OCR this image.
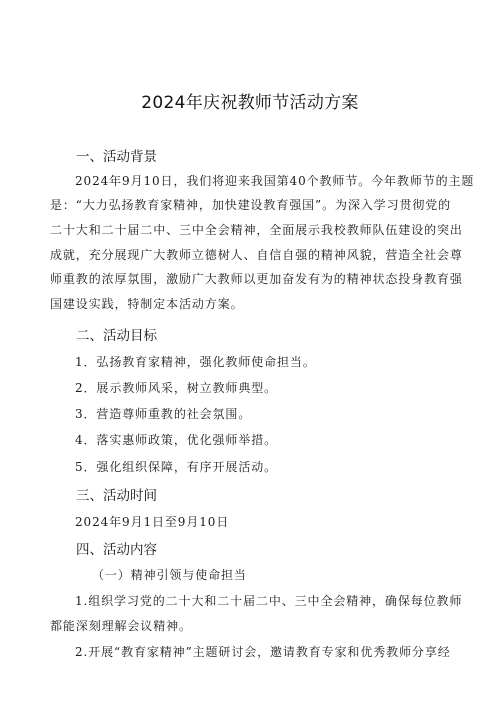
2024年庆祝教师节活动方案
一、活动背景
2024年9月10日，我们将迎来我国第40个教师节。今年教师节的主题
是：“大力弘扬教育家精神，加快建设教育强国”。为深入学习贯彻党的
二十大和二十届二中、三中全会精神，全面展示我校教师队伍建设的突出
成就，充分展现广大教师立德树人、自信自强的精神风貌，营造全社会尊
师重教的浓厚氛围，激励广大教师以更加奋发有为的精神状态投身教育强
国建设实践，特制定本活动方案。
二、活动目标
1．弘扬教育家精神，强化教师使命担当。
2．展示教师风采，树立教师典型。
3．营造尊师重教的社会氛围。
4．落实惠师政策，优化强师举措。
5．强化组织保障，有序开展活动。
三、活动时间
2024年9月1日至9月10日
四、活动内容
（一）精神引领与使命担当
1.组织学习党的二十大和二十届二中、三中全会精神，确保每位教师
都能深刻理解会议精神。
2.开展“教育家精神”主题研讨会，邀请教育专家和优秀教师分享经
